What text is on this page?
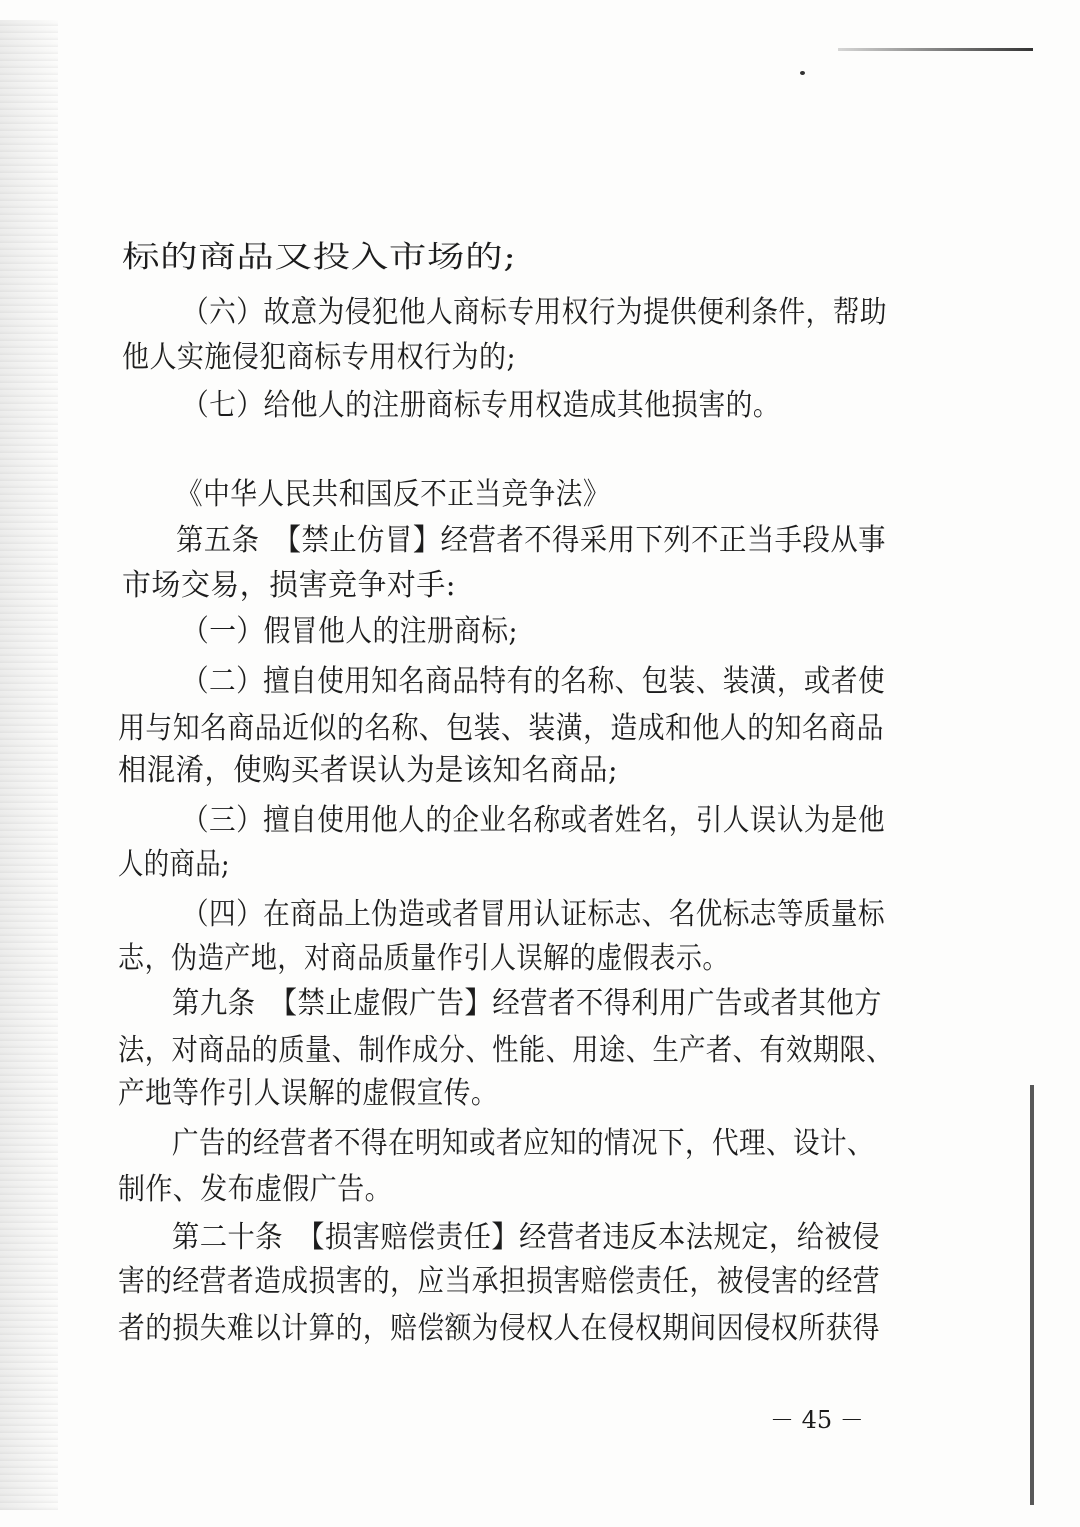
标的商品又投入市场的;

（六）故意为侵犯他人商标专用权行为提供便利条件，帮助

他人实施侵犯商标专用权行为的;

（七）给他人的注册商标专用权造成其他损害的。

《中华人民共和国反不正当竞争法》

第五条　【禁止仿冒】经营者不得采用下列不正当手段从事

市场交易，损害竞争对手:

（一）假冒他人的注册商标;

（二）擅自使用知名商品特有的名称、包装、装潢，或者使

用与知名商品近似的名称、包装、装潢，造成和他人的知名商品

相混淆，使购买者误认为是该知名商品;

（三）擅自使用他人的企业名称或者姓名，引人误认为是他

人的商品;

（四）在商品上伪造或者冒用认证标志、名优标志等质量标

志，伪造产地，对商品质量作引人误解的虚假表示。

第九条　【禁止虚假广告】经营者不得利用广告或者其他方

法，对商品的质量、制作成分、性能、用途、生产者、有效期限、

产地等作引人误解的虚假宣传。

广告的经营者不得在明知或者应知的情况下，代理、设计、

制作、发布虚假广告。

第二十条　【损害赔偿责任】经营者违反本法规定，给被侵

害的经营者造成损害的，应当承担损害赔偿责任，被侵害的经营

者的损失难以计算的，赔偿额为侵权人在侵权期间因侵权所获得

－ 45 －
